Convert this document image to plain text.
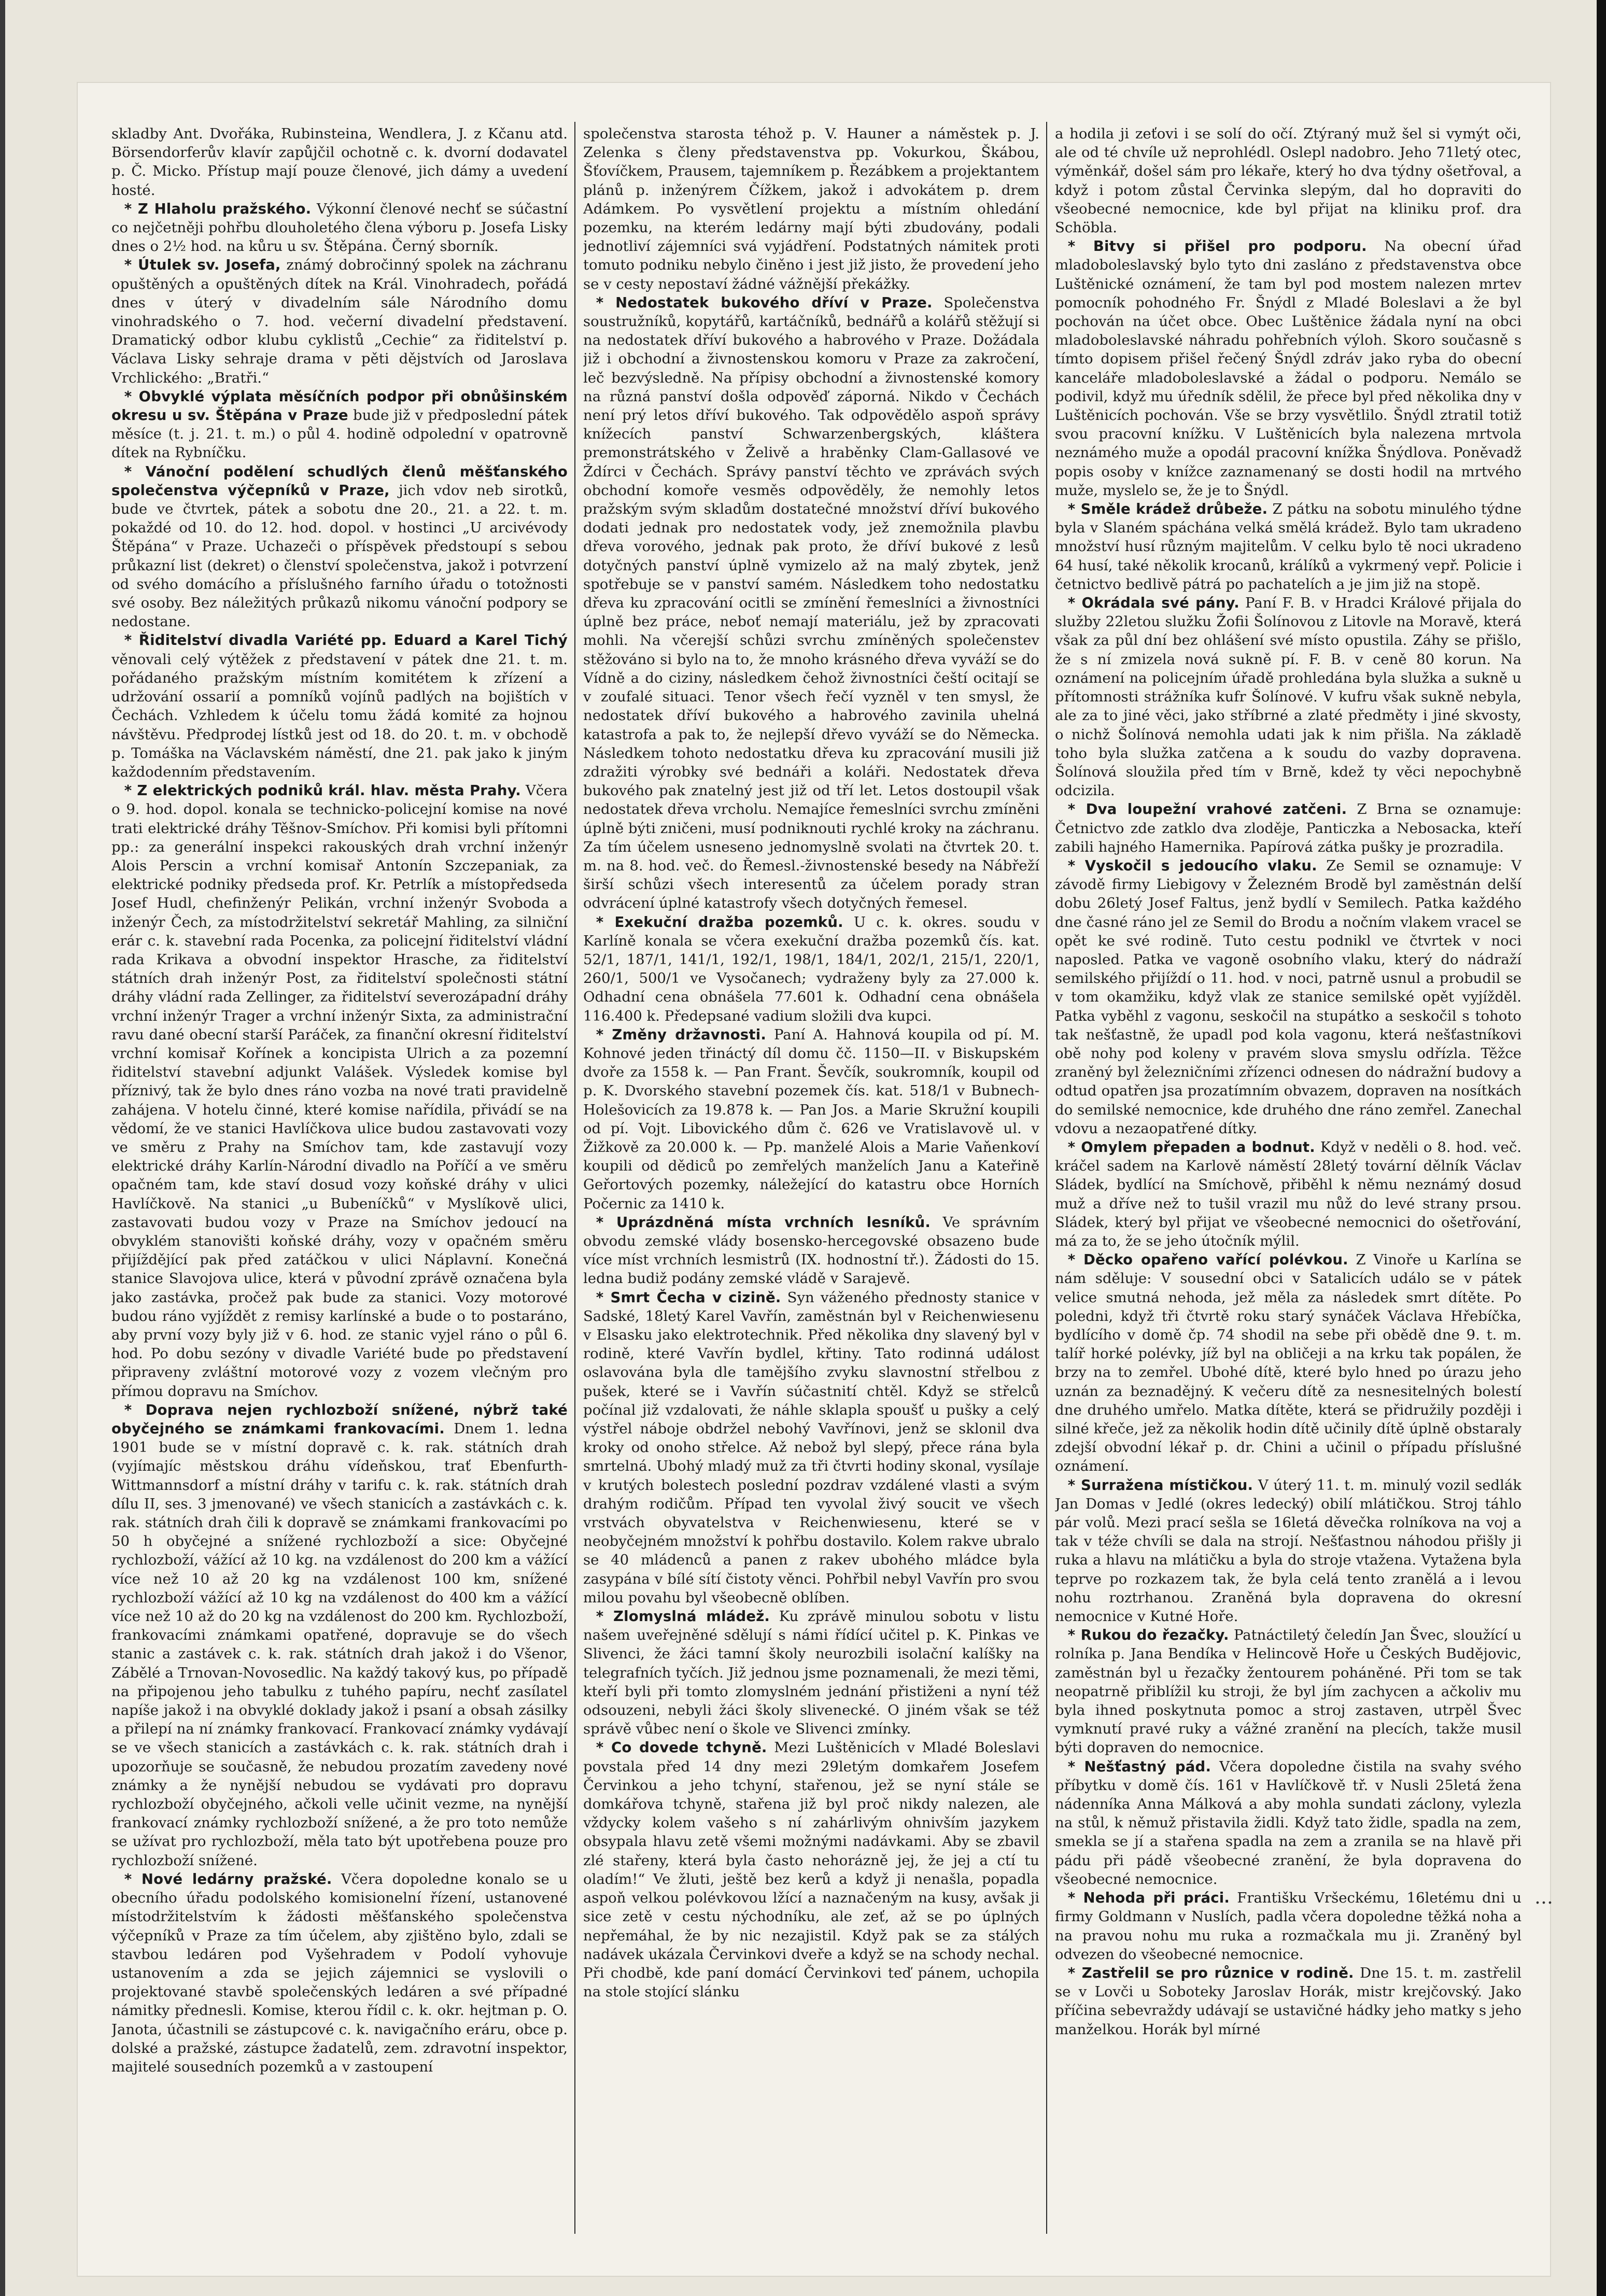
skladby Ant. Dvořáka, Rubinsteina, Wendlera, J. z Kčanu atd. Börsendorferův klavír zapůjčil ochotně c. k. dvorní dodavatel p. Č. Micko. Přístup mají pouze členové, jich dámy a uvedení hosté.

* Z Hlaholu pražského. Výkonní členové nechť se súčastní co nejčetněji pohřbu dlouholetého člena výboru p. Josefa Lisky dnes o 2½ hod. na kůru u sv. Štěpána. Černý sborník.

* Útulek sv. Josefa, známý dobročinný spolek na záchranu opuštěných a opuštěných dítek na Král. Vinohradech, pořádá dnes v úterý v divadelním sále Národního domu vinohradského o 7. hod. večerní divadelní představení. Dramatický odbor klubu cyklistů „Cechie“ za řiditelství p. Václava Lisky sehraje drama v pěti dějstvích od Jaroslava Vrchlického: „Bratři.“

* Obvyklé výplata měsíčních podpor při obnůšinském okresu u sv. Štěpána v Praze bude již v předposlední pátek měsíce (t. j. 21. t. m.) o půl 4. hodině odpolední v opatrovně dítek na Rybníčku.

* Vánoční podělení schudlých členů měšťanského společenstva výčepníků v Praze, jich vdov neb sirotků, bude ve čtvrtek, pátek a sobotu dne 20., 21. a 22. t. m. pokaždé od 10. do 12. hod. dopol. v hostinci „U arcivévody Štěpána“ v Praze. Uchazeči o příspěvek předstoupí s sebou průkazní list (dekret) o členství společenstva, jakož i potvrzení od svého domácího a příslušného farního úřadu o totožnosti své osoby. Bez náležitých průkazů nikomu vánoční podpory se nedostane.

* Řiditelství divadla Variété pp. Eduard a Karel Tichý věnovali celý výtěžek z představení v pátek dne 21. t. m. pořádaného pražským místním komitétem k zřízení a udržování ossarií a pomníků vojínů padlých na bojištích v Čechách. Vzhledem k účelu tomu žádá komité za hojnou návštěvu. Předprodej lístků jest od 18. do 20. t. m. v obchodě p. Tomáška na Václavském náměstí, dne 21. pak jako k jiným každodenním představením.

* Z elektrických podniků král. hlav. města Prahy. Včera o 9. hod. dopol. konala se technicko-policejní komise na nové trati elektrické dráhy Těšnov-Smíchov. Při komisi byli přítomni pp.: za generální inspekci rakouských drah vrchní inženýr Alois Perscin a vrchní komisař Antonín Szczepaniak, za elektrické podniky předseda prof. Kr. Petrlík a místopředseda Josef Hudl, chefinženýr Pelikán, vrchní inženýr Svoboda a inženýr Čech, za místodržitelství sekretář Mahling, za silniční erár c. k. stavební rada Pocenka, za policejní řiditelství vládní rada Krikava a obvodní inspektor Hrasche, za řiditelství státních drah inženýr Post, za řiditelství společnosti státní dráhy vládní rada Zellinger, za řiditelství severozápadní dráhy vrchní inženýr Trager a vrchní inženýr Sixta, za administrační ravu dané obecní starší Paráček, za finanční okresní řiditelství vrchní komisař Kořínek a koncipista Ulrich a za pozemní řiditelství stavební adjunkt Valášek. Výsledek komise byl příznivý, tak že bylo dnes ráno vozba na nové trati pravidelně zahájena. V hotelu činné, které komise nařídila, přivádí se na vědomí, že ve stanici Havlíčkova ulice budou zastavovati vozy ve směru z Prahy na Smíchov tam, kde zastavují vozy elektrické dráhy Karlín-Národní divadlo na Poříčí a ve směru opačném tam, kde staví dosud vozy koňské dráhy v ulici Havlíčkově. Na stanici „u Bubeníčků“ v Myslíkově ulici, zastavovati budou vozy v Praze na Smíchov jedoucí na obvyklém stanovišti koňské dráhy, vozy v opačném směru přijíždějící pak před zatáčkou v ulici Náplavní. Konečná stanice Slavojova ulice, která v původní zprávě označena byla jako zastávka, pročež pak bude za stanici. Vozy motorové budou ráno vyjíždět z remisy karlínské a bude o to postaráno, aby první vozy byly již v 6. hod. ze stanic vyjel ráno o půl 6. hod. Po dobu sezóny v divadle Variété bude po představení připraveny zvláštní motorové vozy z vozem vlečným pro přímou dopravu na Smíchov.

* Doprava nejen rychlozboží snížené, nýbrž také obyčejného se známkami frankovacími. Dnem 1. ledna 1901 bude se v místní dopravě c. k. rak. státních drah (vyjímajíc městskou dráhu vídeňskou, trať Ebenfurth-Wittmannsdorf a místní dráhy v tarifu c. k. rak. státních drah dílu II, ses. 3 jmenované) ve všech stanicích a zastávkách c. k. rak. státních drah čili k dopravě se známkami frankovacími po 50 h obyčejné a snížené rychlozboží a sice: Obyčejné rychlozboží, vážící až 10 kg. na vzdálenost do 200 km a vážící více než 10 až 20 kg na vzdálenost 100 km, snížené rychlozboží vážící až 10 kg na vzdálenost do 400 km a vážící více než 10 až do 20 kg na vzdálenost do 200 km. Rychlozboží, frankovacími známkami opatřené, dopravuje se do všech stanic a zastávek c. k. rak. státních drah jakož i do Všenor, Zábělé a Trnovan-Novosedlic. Na každý takový kus, po případě na připojenou jeho tabulku z tuhého papíru, nechť zasílatel napíše jakož i na obvyklé doklady jakož i psaní a obsah zásilky a přilepí na ní známky frankovací. Frankovací známky vydávají se ve všech stanicích a zastávkách c. k. rak. státních drah i upozorňuje se současně, že nebudou prozatím zavedeny nové známky a že nynější nebudou se vydávati pro dopravu rychlozboží obyčejného, ačkoli velle učinit vezme, na nynější frankovací známky rychlozboží snížené, a že pro toto nemůže se užívat pro rychlozboží, měla tato být upotřebena pouze pro rychlozboží snížené.

* Nové ledárny pražské. Včera dopoledne konalo se u obecního úřadu podolského komisionelní řízení, ustanovené místodržitelstvím k žádosti měšťanského společenstva výčepníků v Praze za tím účelem, aby zjištěno bylo, zdali se stavbou ledáren pod Vyšehradem v Podolí vyhovuje ustanovením a zda se jejich zájemnici se vyslovili o projektované stavbě společenských ledáren a své případné námitky přednesli. Komise, kterou řídil c. k. okr. hejtman p. O. Janota, účastnili se zástupcové c. k. navigačního eráru, obce p. dolské a pražské, zástupce žadatelů, zem. zdravotní inspektor, majitelé sousedních pozemků a v zastoupení

společenstva starosta téhož p. V. Hauner a náměstek p. J. Zelenka s členy představenstva pp. Vokurkou, Škábou, Šťovíčkem, Prausem, tajemníkem p. Řezábkem a projektantem plánů p. inženýrem Čížkem, jakož i advokátem p. drem Adámkem. Po vysvětlení projektu a místním ohledání pozemku, na kterém ledárny mají býti zbudovány, podali jednotliví zájemníci svá vyjádření. Podstatných námitek proti tomuto podniku nebylo činěno i jest již jisto, že provedení jeho se v cesty nepostaví žádné vážnější překážky.

* Nedostatek bukového dříví v Praze. Společenstva soustružníků, kopytářů, kartáčníků, bednářů a kolářů stěžují si na nedostatek dříví bukového a habrového v Praze. Dožádala již i obchodní a živnostenskou komoru v Praze za zakročení, leč bezvýsledně. Na přípisy obchodní a živnostenské komory na různá panství došla odpověď záporná. Nikdo v Čechách není prý letos dříví bukového. Tak odpovědělo aspoň správy knížecích panství Schwarzenbergských, kláštera premonstrátského v Želivě a hraběnky Clam-Gallasové ve Ždírci v Čechách. Správy panství těchto ve zprávách svých obchodní komoře vesměs odpověděly, že nemohly letos pražským svým skladům dostatečné množství dříví bukového dodati jednak pro nedostatek vody, jež znemožnila plavbu dřeva vorového, jednak pak proto, že dříví bukové z lesů dotyčných panství úplně vymizelo až na malý zbytek, jenž spotřebuje se v panství samém. Následkem toho nedostatku dřeva ku zpracování ocitli se zmínění řemeslníci a živnostníci úplně bez práce, neboť nemají materiálu, jež by zpracovati mohli. Na včerejší schůzi svrchu zmíněných společenstev stěžováno si bylo na to, že mnoho krásného dřeva vyváží se do Vídně a do ciziny, následkem čehož živnostníci čeští ocitají se v zoufalé situaci. Tenor všech řečí vyzněl v ten smysl, že nedostatek dříví bukového a habrového zavinila uhelná katastrofa a pak to, že nejlepší dřevo vyváží se do Německa. Následkem tohoto nedostatku dřeva ku zpracování musili již zdražiti výrobky své bednáři a koláři. Nedostatek dřeva bukového pak znatelný jest již od tří let. Letos dostoupil však nedostatek dřeva vrcholu. Nemajíce řemeslníci svrchu zmíněni úplně býti zničeni, musí podniknouti rychlé kroky na záchranu. Za tím účelem usneseno jednomyslně svolati na čtvrtek 20. t. m. na 8. hod. več. do Řemesl.-živnostenské besedy na Nábřeží širší schůzi všech interesentů za účelem porady stran odvrácení úplné katastrofy všech dotyčných řemesel.

* Exekuční dražba pozemků. U c. k. okres. soudu v Karlíně konala se včera exekuční dražba pozemků čís. kat. 52/1, 187/1, 141/1, 192/1, 198/1, 184/1, 202/1, 215/1, 220/1, 260/1, 500/1 ve Vysočanech; vydraženy byly za 27.000 k. Odhadní cena obnášela 77.601 k. Odhadní cena obnášela 116.400 k. Předepsané vadium složili dva kupci.

* Změny državnosti. Paní A. Hahnová koupila od pí. M. Kohnové jeden třináctý díl domu čč. 1150—II. v Biskupském dvoře za 1558 k. — Pan Frant. Ševčík, soukromník, koupil od p. K. Dvorského stavební pozemek čís. kat. 518/1 v Bubnech-Holešovicích za 19.878 k. — Pan Jos. a Marie Skružní koupili od pí. Vojt. Libovického dům č. 626 ve Vratislavově ul. v Žižkově za 20.000 k. — Pp. manželé Alois a Marie Vaňenkoví koupili od dědiců po zemřelých manželích Janu a Kateřině Geřortových pozemky, náležející do katastru obce Horních Počernic za 1410 k.

* Uprázdněná místa vrchních lesníků. Ve správním obvodu zemské vlády bosensko-hercegovské obsazeno bude více míst vrchních lesmistrů (IX. hodnostní tř.). Žádosti do 15. ledna budiž podány zemské vládě v Sarajevě.

* Smrt Čecha v cizině. Syn váženého přednosty stanice v Sadské, 18letý Karel Vavřín, zaměstnán byl v Reichenwiesenu v Elsasku jako elektrotechnik. Před několika dny slavený byl v rodině, které Vavřín bydlel, křtiny. Tato rodinná událost oslavována byla dle tamějšího zvyku slavnostní střelbou z pušek, které se i Vavřín súčastnití chtěl. Když se střelců počínal již vzdalovati, že náhle sklapla spoušť u pušky a celý výstřel náboje obdržel nebohý Vavřínovi, jenž se sklonil dva kroky od onoho střelce. Až nebož byl slepý, přece rána byla smrtelná. Ubohý mladý muž za tři čtvrti hodiny skonal, vysílaje v krutých bolestech poslední pozdrav vzdálené vlasti a svým drahým rodičům. Případ ten vyvolal živý soucit ve všech vrstvách obyvatelstva v Reichenwiesenu, které se v neobyčejném množství k pohřbu dostavilo. Kolem rakve ubralo se 40 mládenců a panen z rakev ubohého mládce byla zasypána v bílé sítí čistoty věnci. Pohřbil nebyl Vavřín pro svou milou povahu byl všeobecně oblíben.

* Zlomyslná mládež. Ku zprávě minulou sobotu v listu našem uveřejněné sdělují s námi řídící učitel p. K. Pinkas ve Slivenci, že žáci tamní školy neurozbili isolační kalíšky na telegrafních tyčích. Již jednou jsme poznamenali, že mezi těmi, kteří byli při tomto zlomyslném jednání přistiženi a nyní též odsouzeni, nebyli žáci školy slivenecké. O jiném však se též správě vůbec není o škole ve Slivenci zmínky.

* Co dovede tchyně. Mezi Luštěnicích v Mladé Boleslavi povstala před 14 dny mezi 29letým domkařem Josefem Červinkou a jeho tchyní, stařenou, jež se nyní stále se domkářova tchyně, stařena již byl proč nikdy nalezen, ale vždycky kolem vašeho s ní zahárlivým ohnivším jazykem obsypala hlavu zetě všemi možnými nadávkami. Aby se zbavil zlé stařeny, která byla často nehorázně jej, že jej a ctí tu oladím!“ Ve žluti, ještě bez kerů a když ji nenašla, popadla aspoň velkou polévkovou lžící a naznačeným na kusy, avšak ji sice zetě v cestu nýchodníku, ale zeť, až se po úplných nepřemáhal, že by nic nezajistil. Když pak se za stálých nadávek ukázala Červinkovi dveře a když se na schody nechal. Při chodbě, kde paní domácí Červinkovi teď pánem, uchopila na stole stojící slánku

a hodila ji zeťovi i se solí do očí. Ztýraný muž šel si vymýt oči, ale od té chvíle už neprohlédl. Oslepl nadobro. Jeho 71letý otec, výměnkář, došel sám pro lékaře, který ho dva týdny ošetřoval, a když i potom zůstal Červinka slepým, dal ho dopraviti do všeobecné nemocnice, kde byl přijat na kliniku prof. dra Schöbla.

* Bitvy si přišel pro podporu. Na obecní úřad mladoboleslavský bylo tyto dni zasláno z představenstva obce Luštěnické oznámení, že tam byl pod mostem nalezen mrtev pomocník pohodného Fr. Šnýdl z Mladé Boleslavi a že byl pochován na účet obce. Obec Luštěnice žádala nyní na obci mladoboleslavské náhradu pohřebních výloh. Skoro současně s tímto dopisem přišel řečený Šnýdl zdráv jako ryba do obecní kanceláře mladoboleslavské a žádal o podporu. Nemálo se podivil, když mu úředník sdělil, že přece byl před několika dny v Luštěnicích pochován. Vše se brzy vysvětlilo. Šnýdl ztratil totiž svou pracovní knížku. V Luštěnicích byla nalezena mrtvola neznámého muže a opodál pracovní knížka Šnýdlova. Poněvadž popis osoby v knížce zaznamenaný se dosti hodil na mrtvého muže, myslelo se, že je to Šnýdl.

* Směle krádež drůbeže. Z pátku na sobotu minulého týdne byla v Slaném spáchána velká smělá krádež. Bylo tam ukradeno množství husí různým majitelům. V celku bylo tě noci ukradeno 64 husí, také několik krocanů, králíků a vykrmený vepř. Policie i četnictvo bedlivě pátrá po pachatelích a je jim již na stopě.

* Okrádala své pány. Paní F. B. v Hradci Králové přijala do služby 22letou služku Žofii Šolínovou z Litovle na Moravě, která však za půl dní bez ohlášení své místo opustila. Záhy se přišlo, že s ní zmizela nová sukně pí. F. B. v ceně 80 korun. Na oznámení na policejním úřadě prohledána byla služka a sukně u přítomnosti strážníka kufr Šolínové. V kufru však sukně nebyla, ale za to jiné věci, jako stříbrné a zlaté předměty i jiné skvosty, o nichž Šolínová nemohla udati jak k nim přišla. Na základě toho byla služka zatčena a k soudu do vazby dopravena. Šolínová sloužila před tím v Brně, kdež ty věci nepochybně odcizila.

* Dva loupežní vrahové zatčeni. Z Brna se oznamuje: Četnictvo zde zatklo dva zloděje, Panticzka a Nebosacka, kteří zabili hajného Hamernika. Papírová zátka pušky je prozradila.

* Vyskočil s jedoucího vlaku. Ze Semil se oznamuje: V závodě firmy Liebigovy v Železném Brodě byl zaměstnán delší dobu 26letý Josef Faltus, jenž bydlí v Semilech. Patka každého dne časné ráno jel ze Semil do Brodu a nočním vlakem vracel se opět ke své rodině. Tuto cestu podnikl ve čtvrtek v noci naposled. Patka ve vagoně osobního vlaku, který do nádraží semilského přijíždí o 11. hod. v noci, patrně usnul a probudil se v tom okamžiku, když vlak ze stanice semilské opět vyjížděl. Patka vyběhl z vagonu, seskočil na stupátko a seskočil s tohoto tak nešťastně, že upadl pod kola vagonu, která nešťastníkovi obě nohy pod koleny v pravém slova smyslu odřízla. Těžce zraněný byl železničními zřízenci odnesen do nádražní budovy a odtud opatřen jsa prozatímním obvazem, dopraven na nosítkách do semilské nemocnice, kde druhého dne ráno zemřel. Zanechal vdovu a nezaopatřené dítky.

* Omylem přepaden a bodnut. Když v neděli o 8. hod. več. kráčel sadem na Karlově náměstí 28letý tovární dělník Václav Sládek, bydlící na Smíchově, přiběhl k němu neznámý dosud muž a dříve než to tušil vrazil mu nůž do levé strany prsou. Sládek, který byl přijat ve všeobecné nemocnici do ošetřování, má za to, že se jeho útočník mýlil.

* Děcko opařeno vařící polévkou. Z Vinoře u Karlína se nám sděluje: V sousední obci v Satalicích událo se v pátek velice smutná nehoda, jež měla za následek smrt dítěte. Po poledni, když tři čtvrtě roku starý synáček Václava Hřebíčka, bydlícího v domě čp. 74 shodil na sebe při obědě dne 9. t. m. talíř horké polévky, jíž byl na obličeji a na krku tak popálen, že brzy na to zemřel. Ubohé dítě, které bylo hned po úrazu jeho uznán za beznadějný. K večeru dítě za nesnesitelných bolestí dne druhého umřelo. Matka dítěte, která se přidružily později i silné křeče, jež za několik hodin dítě učinily dítě úplně obstaraly zdejší obvodní lékař p. dr. Chini a učinil o případu příslušné oznámení.

* Surražena místičkou. V úterý 11. t. m. minulý vozil sedlák Jan Domas v Jedlé (okres ledecký) obilí mlátičkou. Stroj táhlo pár volů. Mezi prací sešla se 16letá děvečka rolníkova na voj a tak v téže chvíli se dala na strojí. Nešťastnou náhodou přišly ji ruka a hlavu na mlátičku a byla do stroje vtažena. Vytažena byla teprve po rozkazem tak, že byla celá tento zranělá a i levou nohu roztrhanou. Zraněná byla dopravena do okresní nemocnice v Kutné Hoře.

* Rukou do řezačky. Patnáctiletý čeledín Jan Švec, sloužící u rolníka p. Jana Bendíka v Helincově Hoře u Českých Budějovic, zaměstnán byl u řezačky žentourem poháněné. Při tom se tak neopatrně přiblížil ku stroji, že byl jím zachycen a ačkoliv mu byla ihned poskytnuta pomoc a stroj zastaven, utrpěl Švec vymknutí pravé ruky a vážné zranění na plecích, takže musil býti dopraven do nemocnice.

* Nešťastný pád. Včera dopoledne čistila na svahy svého příbytku v domě čís. 161 v Havlíčkově tř. v Nusli 25letá žena nádenníka Anna Málková a aby mohla sundati záclony, vylezla na stůl, k němuž přistavila židli. Když tato židle, spadla na zem, smekla se jí a stařena spadla na zem a zranila se na hlavě při pádu při pádě všeobecné zranění, že byla dopravena do všeobecné nemocnice.

* Nehoda při práci. Františku Vršeckému, 16letému dni u firmy Goldmann v Nuslích, padla včera dopoledne těžká noha a na pravou nohu mu ruka a rozmačkala mu ji. Zraněný byl odvezen do všeobecné nemocnice.

* Zastřelil se pro různice v rodině. Dne 15. t. m. zastřelil se v Lovči u Soboteky Jaroslav Horák, mistr krejčovský. Jako příčina sebevraždy udávají se ustavičné hádky jeho matky s jeho manželkou. Horák byl mírné

…
